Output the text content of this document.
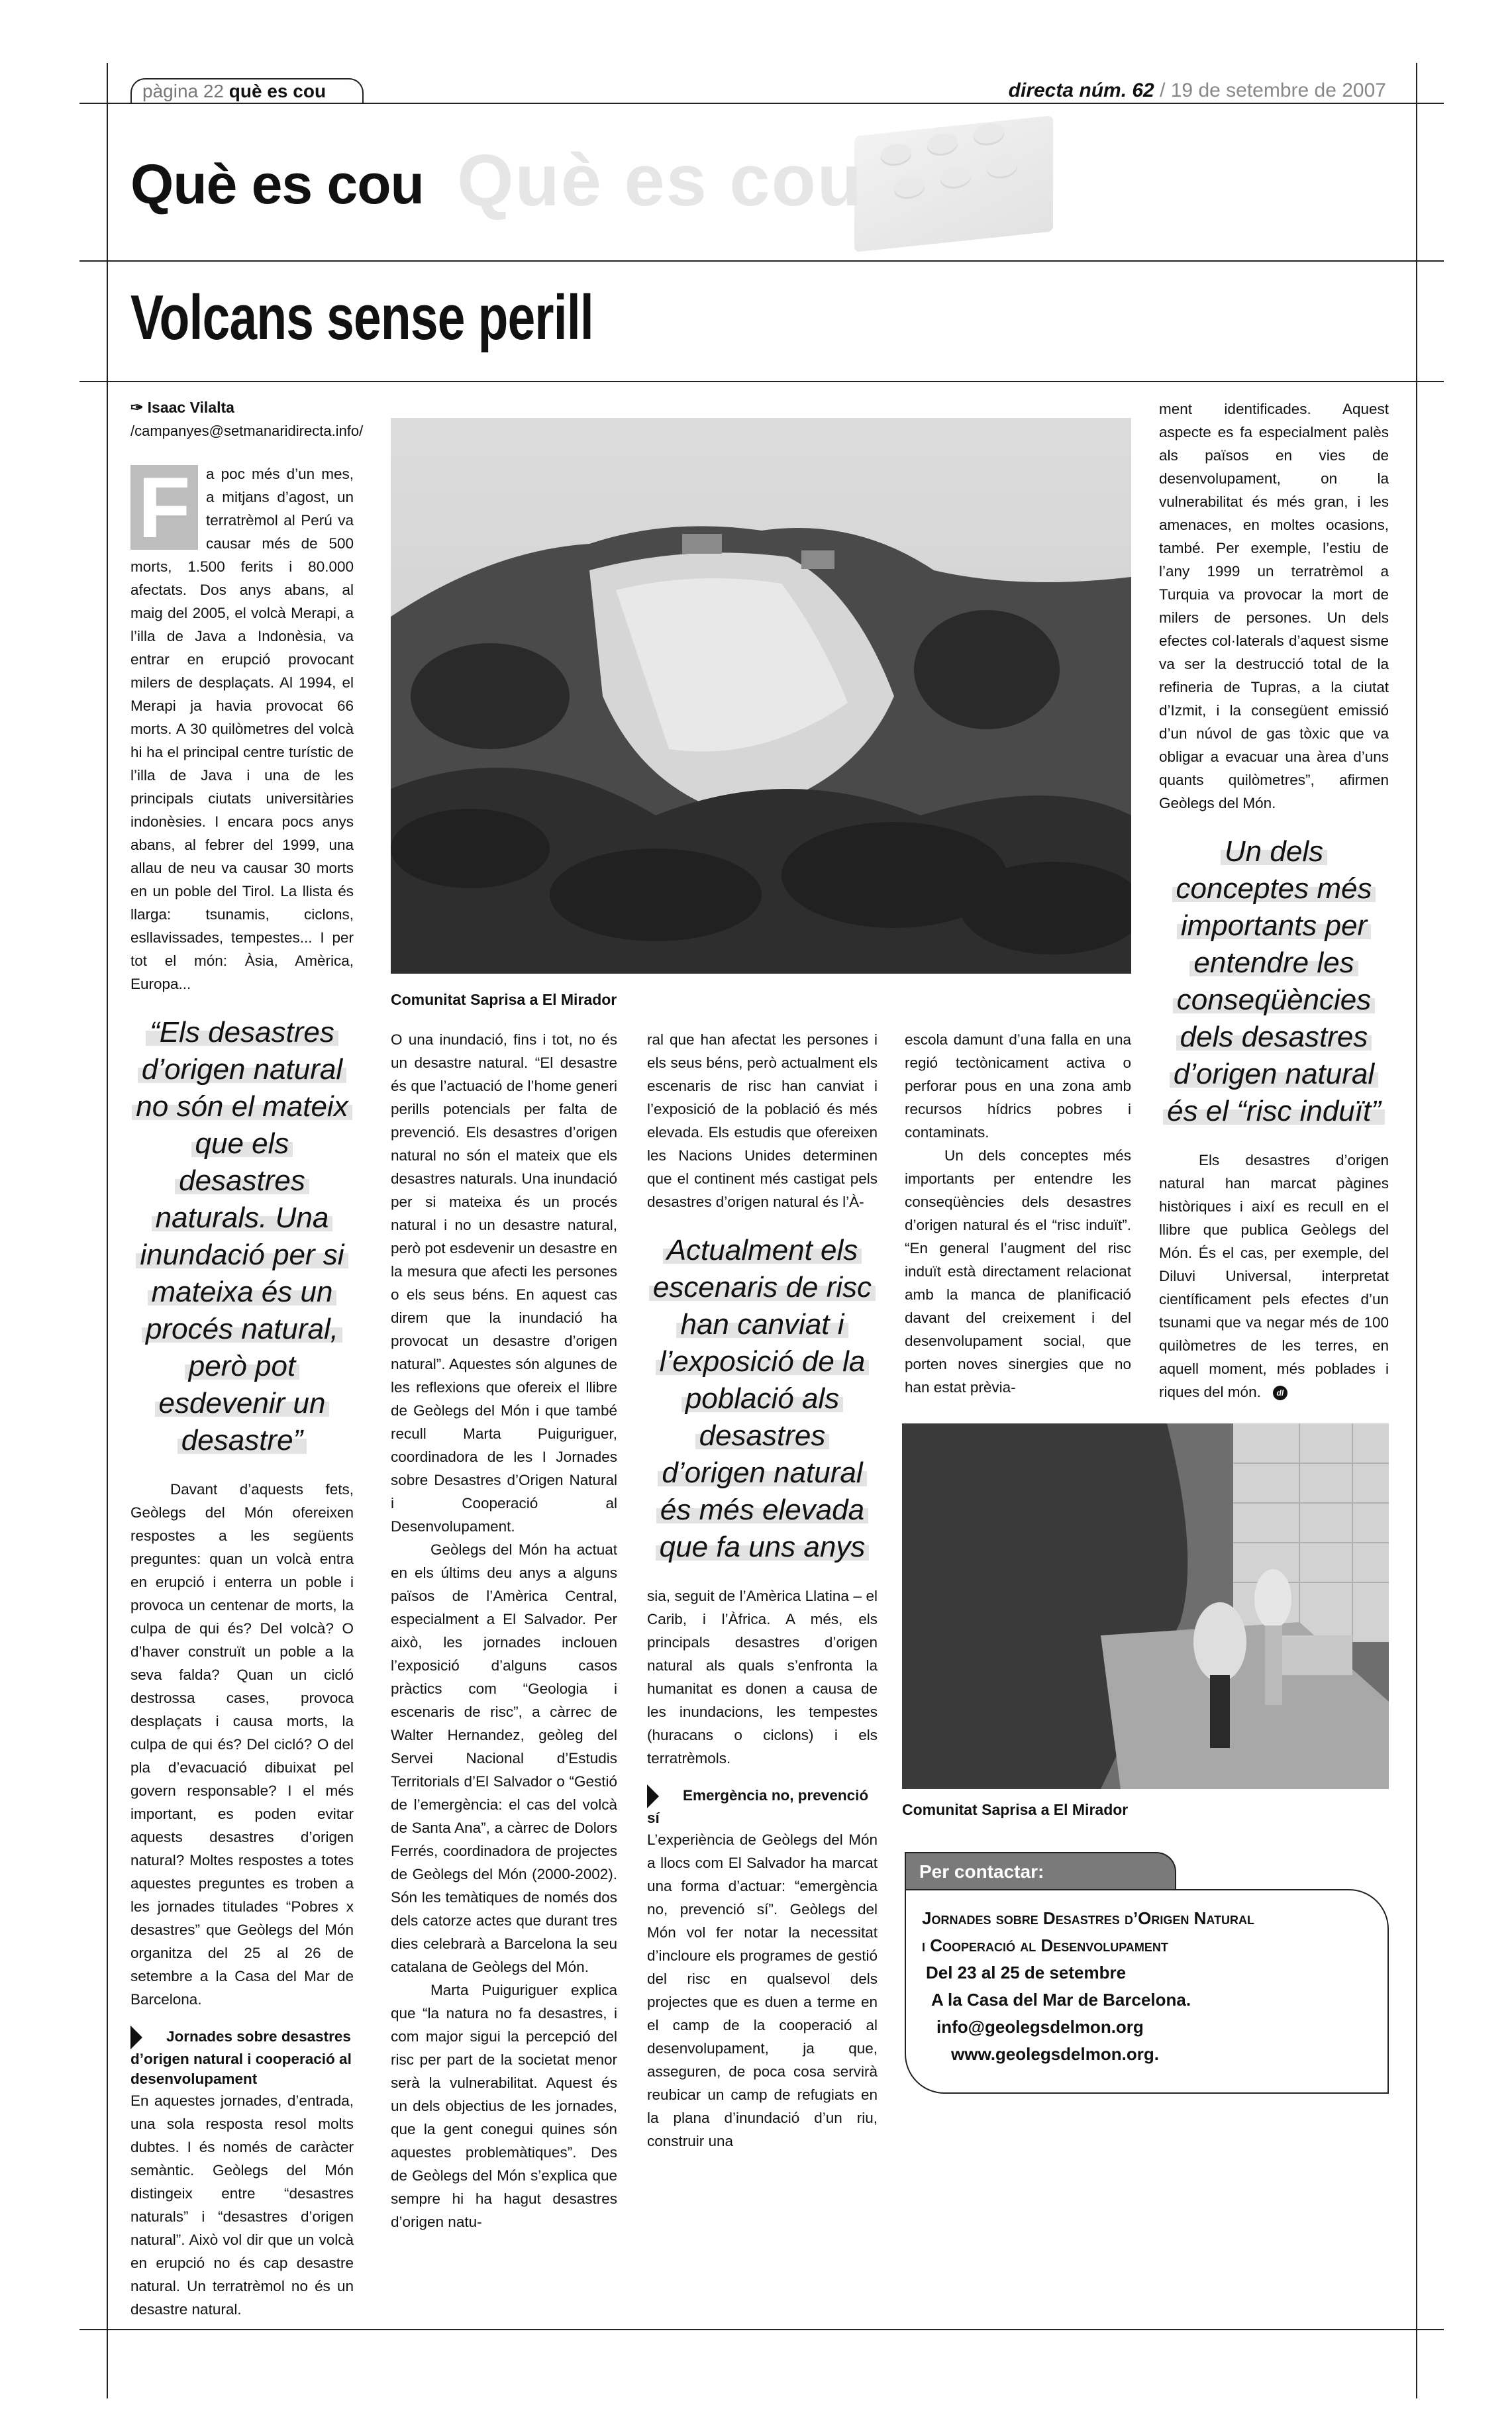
pàgina 22 què es cou	directa núm. 62 / 19 de setembre de 2007
Què es cou
Què es cou
Volcans sense perill
✑ Isaac Vilalta
/campanyes@setmanaridirecta.info/

F	a poc més d’un mes, a mitjans d’agost, un terratrèmol al Perú va causar més de 500 morts, 1.500 ferits i 80.000 afectats. Dos anys abans, al maig del 2005, el volcà Merapi, a l’illa de Java a Indonèsia, va entrar en erupció provocant milers de desplaçats. Al 1994, el Merapi ja havia provocat 66 morts. A 30 quilòmetres del volcà hi ha el principal centre turístic de l’illa de Java i una de les principals ciutats universitàries indonèsies. I encara pocs anys abans, al febrer del 1999, una allau de neu va causar 30 morts en un poble del Tirol. La llista és llarga: tsunamis, ciclons, esllavissades, tempestes... I per tot el món: Àsia, Amèrica, Europa...

“Els desastres d’origen natural no són el mateix que els desastres naturals. Una inundació per si mateixa és un procés natural, però pot esdevenir un desastre”

Davant d’aquests fets, Geòlegs del Món ofereixen respostes a les següents preguntes: quan un volcà entra en erupció i enterra un poble i provoca un centenar de morts, la culpa de qui és? Del volcà? O d’haver construït un poble a la seva falda? Quan un cicló destrossa cases, provoca desplaçats i causa morts, la culpa de qui és? Del cicló? O del pla d’evacuació dibuixat pel govern responsable? I el més important, es poden evitar aquests desastres d’origen natural? Moltes respostes a totes aquestes preguntes es troben a les jornades titulades “Pobres x desastres” que Geòlegs del Món organitza del 25 al 26 de setembre a la Casa del Mar de Barcelona.

Jornades sobre desastres d’origen natural i cooperació al desenvolupament

En aquestes jornades, d’entrada, una sola resposta resol molts dubtes. I és només de caràcter semàntic. Geòlegs del Món distingeix entre “desastres naturals” i “desastres d’origen natural”. Això vol dir que un volcà en erupció no és cap desastre natural. Un terratrèmol no és un desastre natural.

Comunitat Saprisa a El Mirador

O una inundació, fins i tot, no és un desastre natural. “El desastre és que l’actuació de l’home generi perills potencials per falta de prevenció. Els desastres d’origen natural no són el mateix que els desastres naturals. Una inundació per si mateixa és un procés natural i no un desastre natural, però pot esdevenir un desastre en la mesura que afecti les persones o els seus béns. En aquest cas direm que la inundació ha provocat un desastre d’origen natural”. Aquestes són algunes de les reflexions que ofereix el llibre de Geòlegs del Món i que també recull Marta Puiguriguer, coordinadora de les I Jornades sobre Desastres d’Origen Natural i Cooperació al Desenvolupament.

Geòlegs del Món ha actuat en els últims deu anys a alguns països de l’Amèrica Central, especialment a El Salvador. Per això, les jornades inclouen l’exposició d’alguns casos pràctics com “Geologia i escenaris de risc”, a càrrec de Walter Hernandez, geòleg del Servei Nacional d’Estudis Territorials d’El Salvador o “Gestió de l’emergència: el cas del volcà de Santa Ana”, a càrrec de Dolors Ferrés, coordinadora de projectes de Geòlegs del Món (2000-2002). Són les temàtiques de només dos dels catorze actes que durant tres dies celebrarà a Barcelona la seu catalana de Geòlegs del Món.

Marta Puiguriguer explica que “la natura no fa desastres, i com major sigui la percepció del risc per part de la societat menor serà la vulnerabilitat. Aquest és un dels objectius de les jornades, que la gent conegui quines són aquestes problemàtiques”. Des de Geòlegs del Món s’explica que sempre hi ha hagut desastres d’origen natu-

ral que han afectat les persones i els seus béns, però actualment els escenaris de risc han canviat i l’exposició de la població és més elevada. Els estudis que ofereixen les Nacions Unides determinen que el continent més castigat pels desastres d’origen natural és l’À-

Actualment els escenaris de risc han canviat i l’exposició de la població als desastres d’origen natural és més elevada que fa uns anys

sia, seguit de l’Amèrica Llatina – el Carib, i l’Àfrica. A més, els principals desastres d’origen natural als quals s’enfronta la humanitat es donen a causa de les inundacions, les tempestes (huracans o ciclons) i els terratrèmols.

Emergència no, prevenció sí

L’experiència de Geòlegs del Món a llocs com El Salvador ha marcat una forma d’actuar: “emergència no, prevenció sí”. Geòlegs del Món vol fer notar la necessitat d’incloure els programes de gestió del risc en qualsevol dels projectes que es duen a terme en el camp de la cooperació al desenvolupament, ja que, asseguren, de poca cosa servirà reubicar un camp de refugiats en la plana d’inundació d’un riu, construir una

escola damunt d’una falla en una regió tectònicament activa o perforar pous en una zona amb recursos hídrics pobres i contaminats.

Un dels conceptes més importants per entendre les conseqüències dels desastres d’origen natural és el “risc induït”. “En general l’augment del risc induït està directament relacionat amb la manca de planificació davant del creixement i del desenvolupament social, que porten noves sinergies que no han estat prèvia-

ment identificades. Aquest aspecte es fa especialment palès als països en vies de desenvolupament, on la vulnerabilitat és més gran, i les amenaces, en moltes ocasions, també. Per exemple, l’estiu de l’any 1999 un terratrèmol a Turquia va provocar la mort de milers de persones. Un dels efectes col·laterals d’aquest sisme va ser la destrucció total de la refineria de Tupras, a la ciutat d’Izmit, i la consegüent emissió d’un núvol de gas tòxic que va obligar a evacuar una àrea d’uns quants quilòmetres”, afirmen Geòlegs del Món.

Un dels conceptes més importants per entendre les conseqüències dels desastres d’origen natural és el “risc induït”

Els desastres d’origen natural han marcat pàgines històriques i així es recull en el llibre que publica Geòlegs del Món. És el cas, per exemple, del Diluvi Universal, interpretat científicament pels efectes d’un tsunami que va negar més de 100 quilòmetres de les terres, en aquell moment, més poblades i riques del món. dl

Comunitat Saprisa a El Mirador
Per contactar:
Jornades sobre Desastres d’Origen Natural
i Cooperació al Desenvolupament
Del 23 al 25 de setembre
A la Casa del Mar de Barcelona.
info@geolegsdelmon.org
www.geolegsdelmon.org.
